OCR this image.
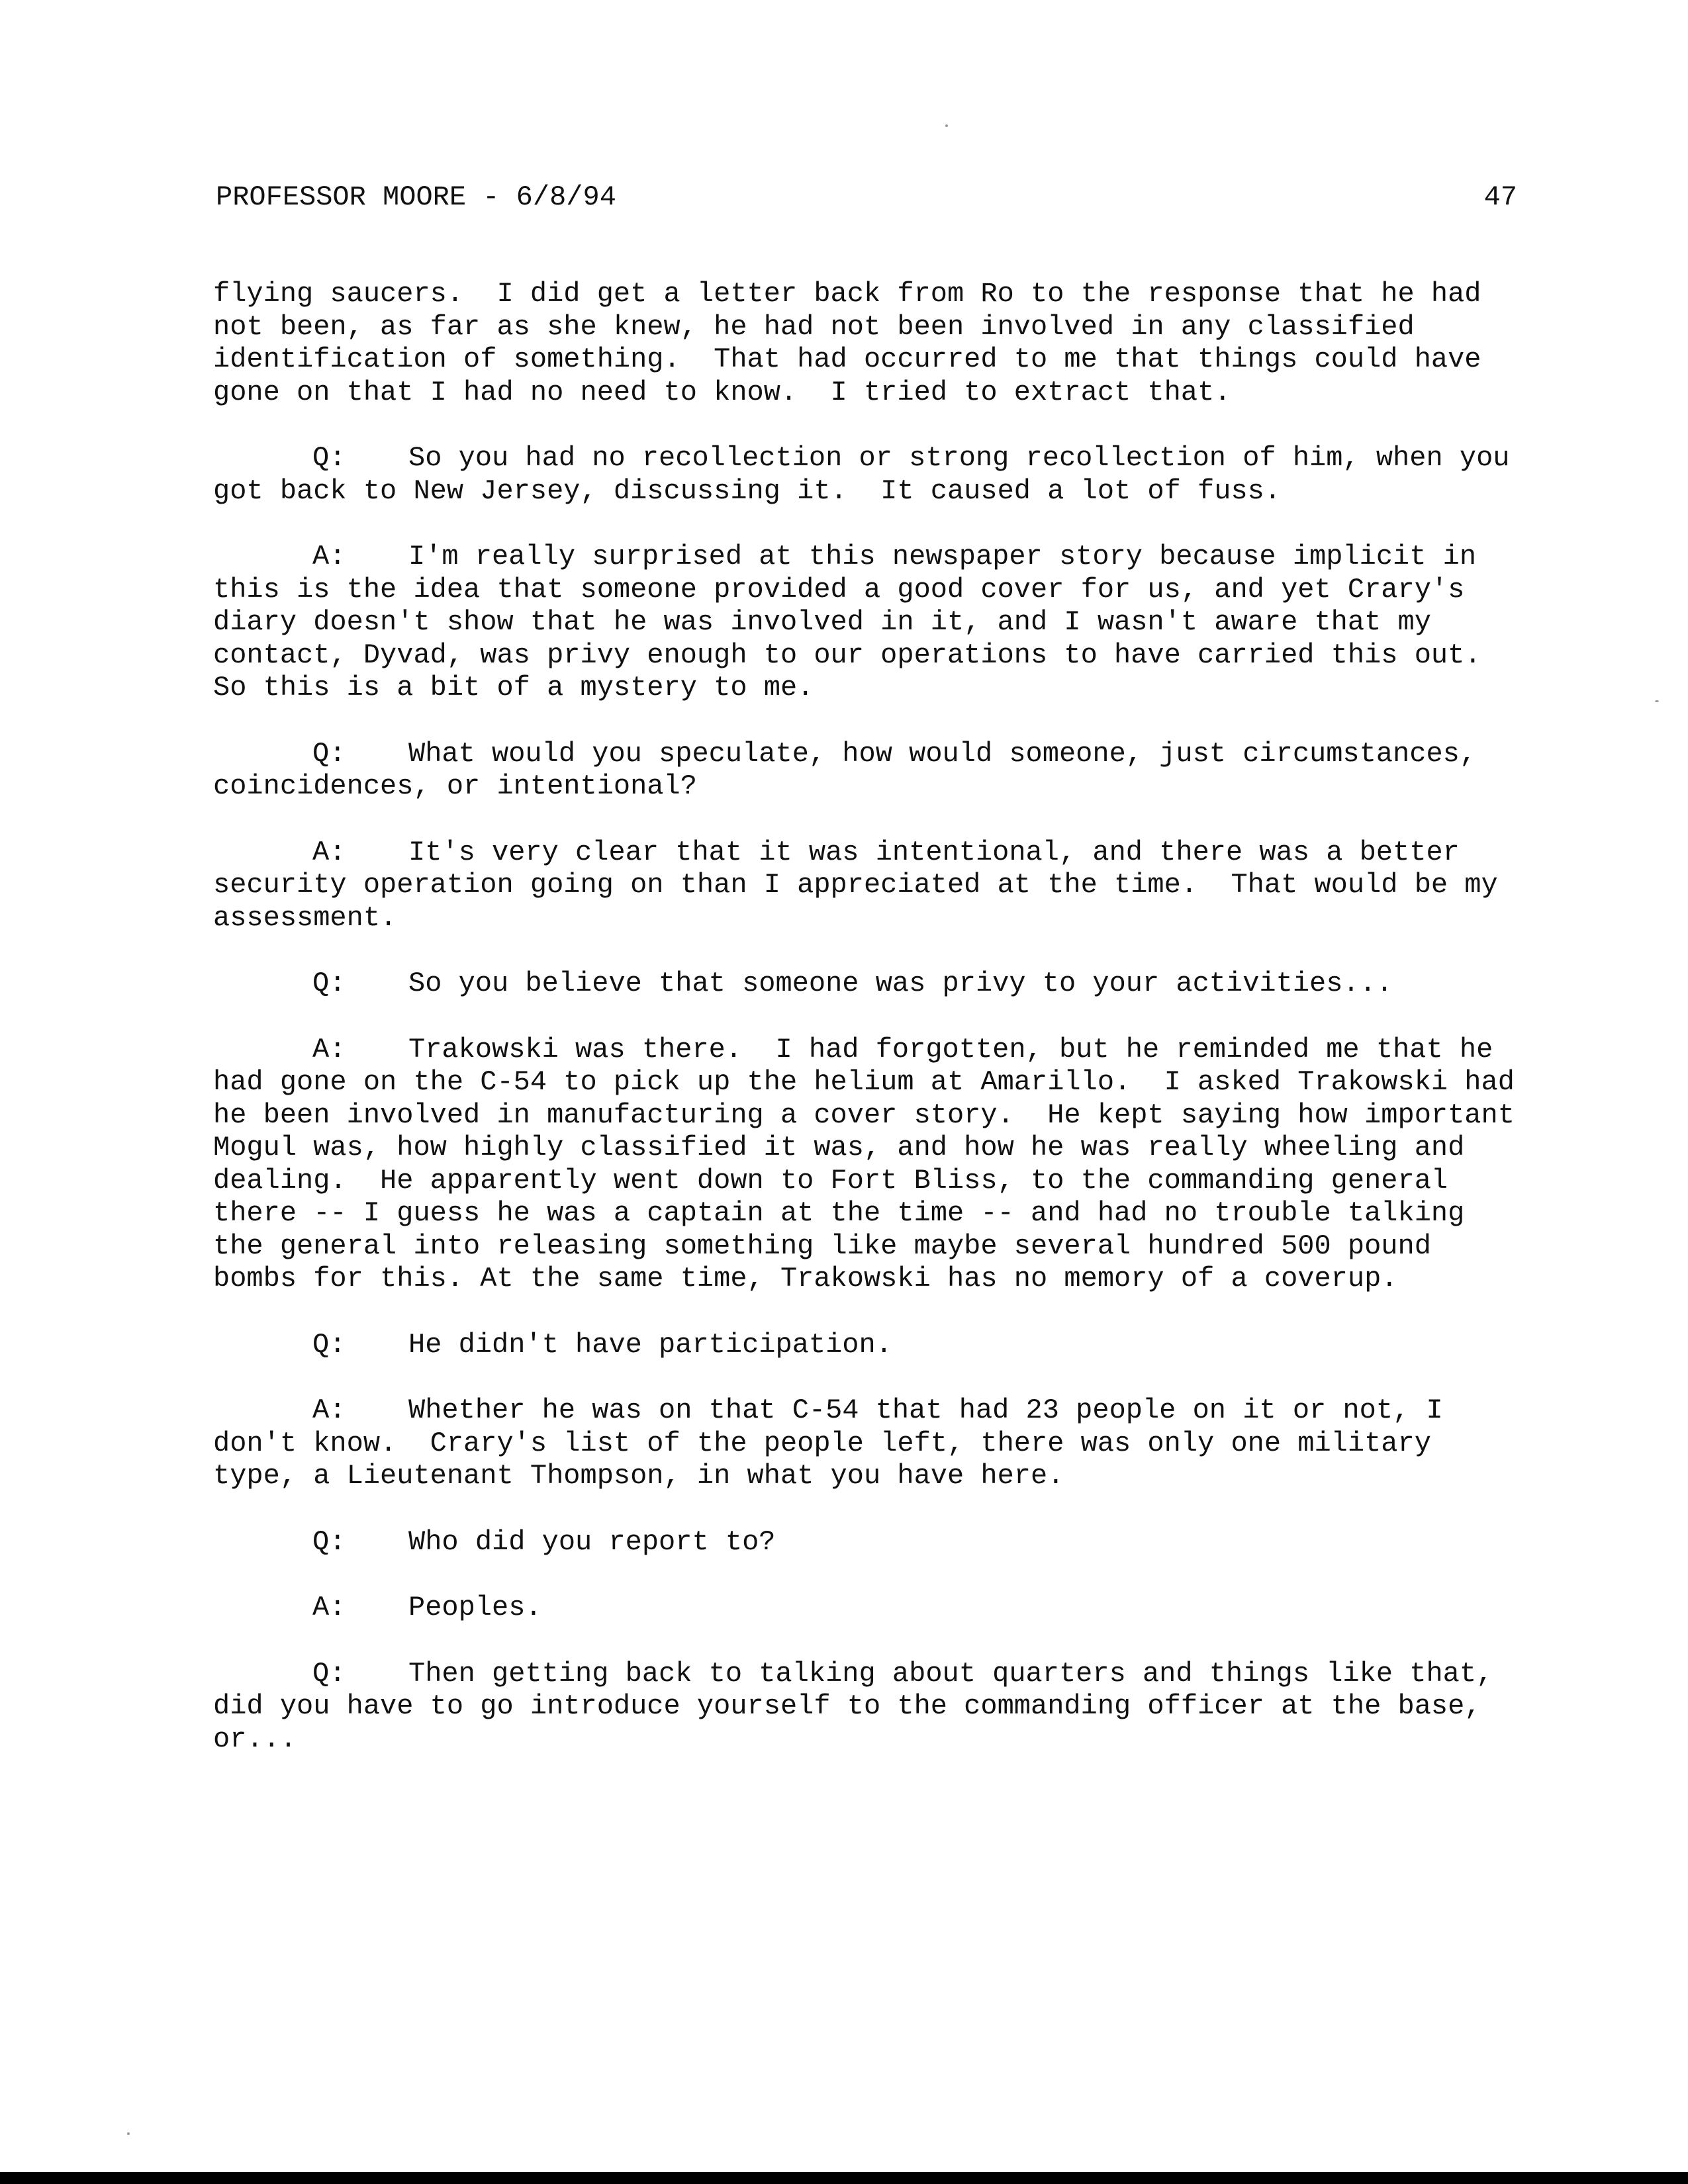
PROFESSOR MOORE - 6/8/94	47

flying saucers.  I did get a letter back from Ro to the response that he had not been, as far as she knew, he had not been involved in any classified identification of something.  That had occurred to me that things could have gone on that I had no need to know.  I tried to extract that.

Q: So you had no recollection or strong recollection of him, when you got back to New Jersey, discussing it.  It caused a lot of fuss.

A: I'm really surprised at this newspaper story because implicit in this is the idea that someone provided a good cover for us, and yet Crary's diary doesn't show that he was involved in it, and I wasn't aware that my contact, Dyvad, was privy enough to our operations to have carried this out.  So this is a bit of a mystery to me.

Q: What would you speculate, how would someone, just circumstances, coincidences, or intentional?

A: It's very clear that it was intentional, and there was a better security operation going on than I appreciated at the time.  That would be my assessment.

Q: So you believe that someone was privy to your activities...

A: Trakowski was there.  I had forgotten, but he reminded me that he had gone on the C-54 to pick up the helium at Amarillo.  I asked Trakowski had he been involved in manufacturing a cover story.  He kept saying how important Mogul was, how highly classified it was, and how he was really wheeling and dealing.  He apparently went down to Fort Bliss, to the commanding general there -- I guess he was a captain at the time -- and had no trouble talking the general into releasing something like maybe several hundred 500 pound bombs for this. At the same time, Trakowski has no memory of a coverup.

Q: He didn't have participation.

A: Whether he was on that C-54 that had 23 people on it or not, I don't know.  Crary's list of the people left, there was only one military type, a Lieutenant Thompson, in what you have here.

Q: Who did you report to?

A: Peoples.

Q: Then getting back to talking about quarters and things like that, did you have to go introduce yourself to the commanding officer at the base, or...
